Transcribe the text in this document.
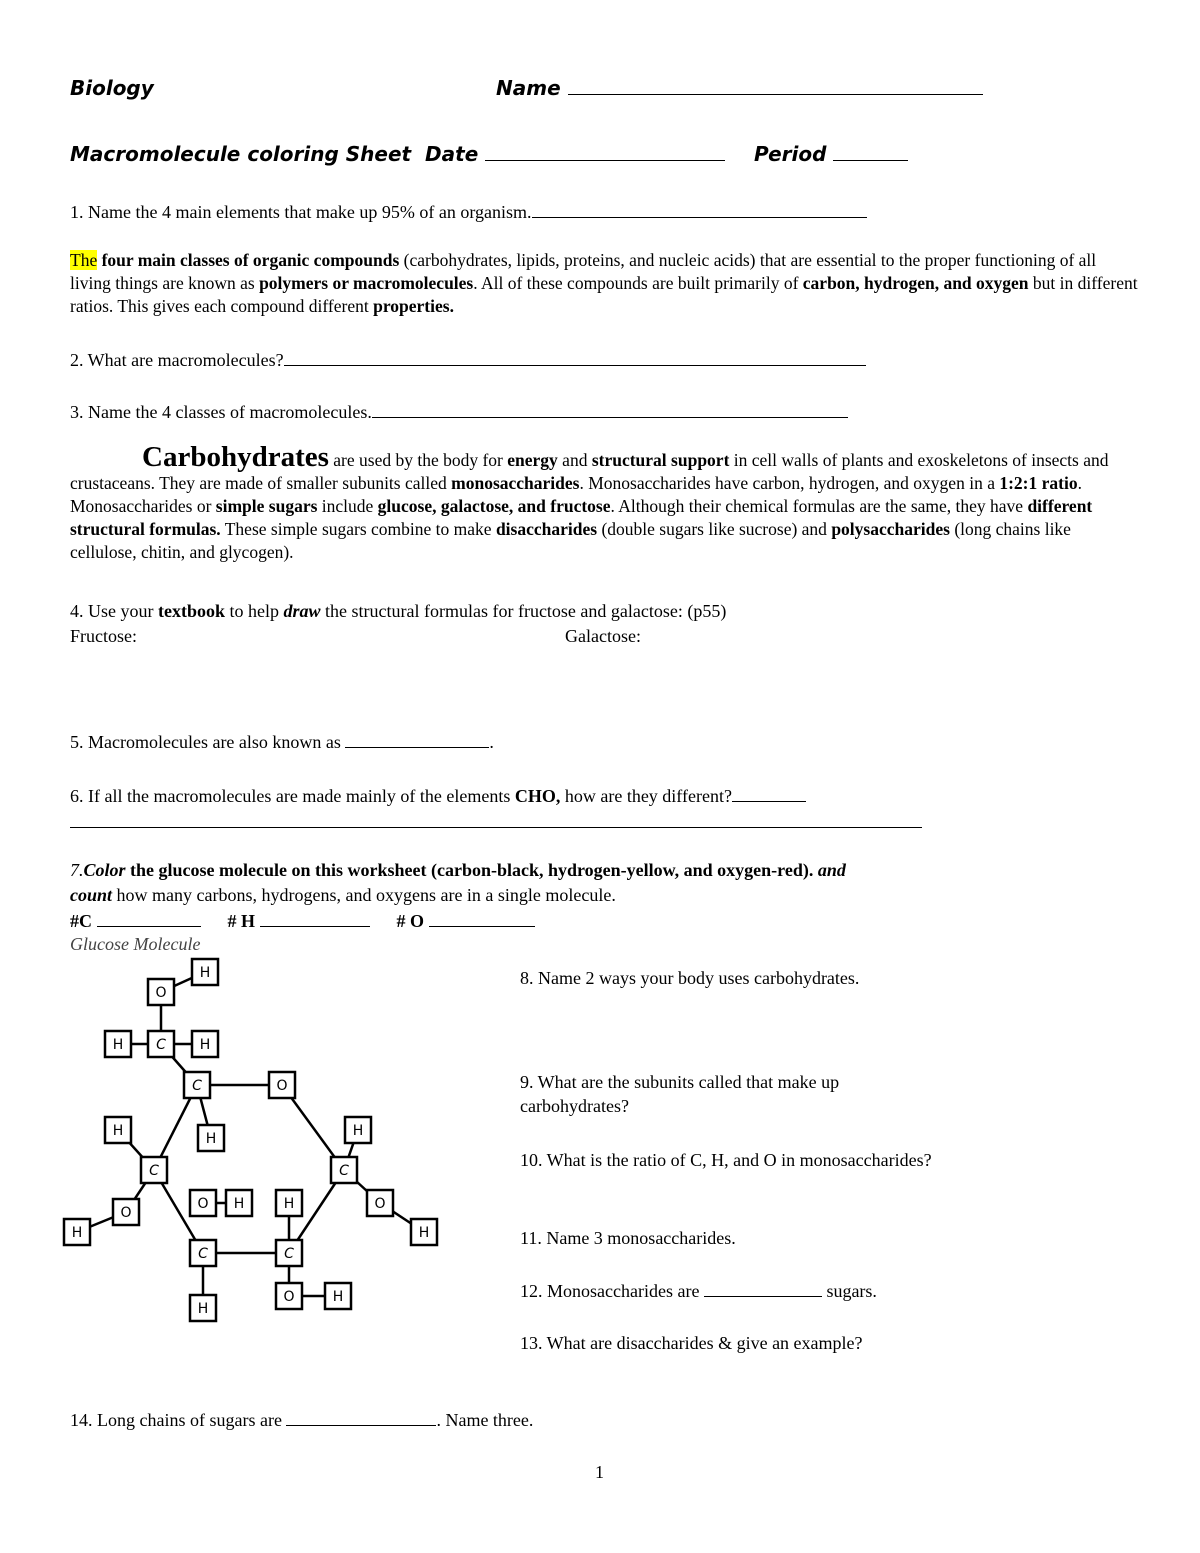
Biology	Name
Macromolecule coloring Sheet Date	Period
1. Name the 4 main elements that make up 95% of an organism.
The four main classes of organic compounds (carbohydrates, lipids, proteins, and nucleic acids) that are essential to the proper functioning of all living things are known as polymers or macromolecules. All of these compounds are built primarily of carbon, hydrogen, and oxygen but in different ratios. This gives each compound different properties.
2. What are macromolecules?
3. Name the 4 classes of macromolecules.
Carbohydrates are used by the body for energy and structural support in cell walls of plants and exoskeletons of insects and crustaceans. They are made of smaller subunits called monosaccharides. Monosaccharides have carbon, hydrogen, and oxygen in a 1:2:1 ratio. Monosaccharides or simple sugars include glucose, galactose, and fructose. Although their chemical formulas are the same, they have different structural formulas. These simple sugars combine to make disaccharides (double sugars like sucrose) and polysaccharides (long chains like cellulose, chitin, and glycogen).
4. Use your textbook to help draw the structural formulas for fructose and galactose: (p55)
Fructose:	Galactose:
5. Macromolecules are also known as	.
6. If all the macromolecules are made mainly of the elements CHO, how are they different?
7.Color the glucose molecule on this worksheet (carbon-black, hydrogen-yellow, and oxygen-red). and
count how many carbons, hydrogens, and oxygens are in a single molecule.
#C	# H	# O
Glucose Molecule
H
O
H C H
C	O
H	H	H
C	C
O H	H
O
O
H	H
C	C
H
H
O
8. Name 2 ways your body uses carbohydrates.
9. What are the subunits called that make up carbohydrates?
10. What is the ratio of C, H, and O in monosaccharides?
11. Name 3 monosaccharides.
12. Monosaccharides are	sugars.
13. What are disaccharides & give an example?
14. Long chains of sugars are	. Name three.
1
